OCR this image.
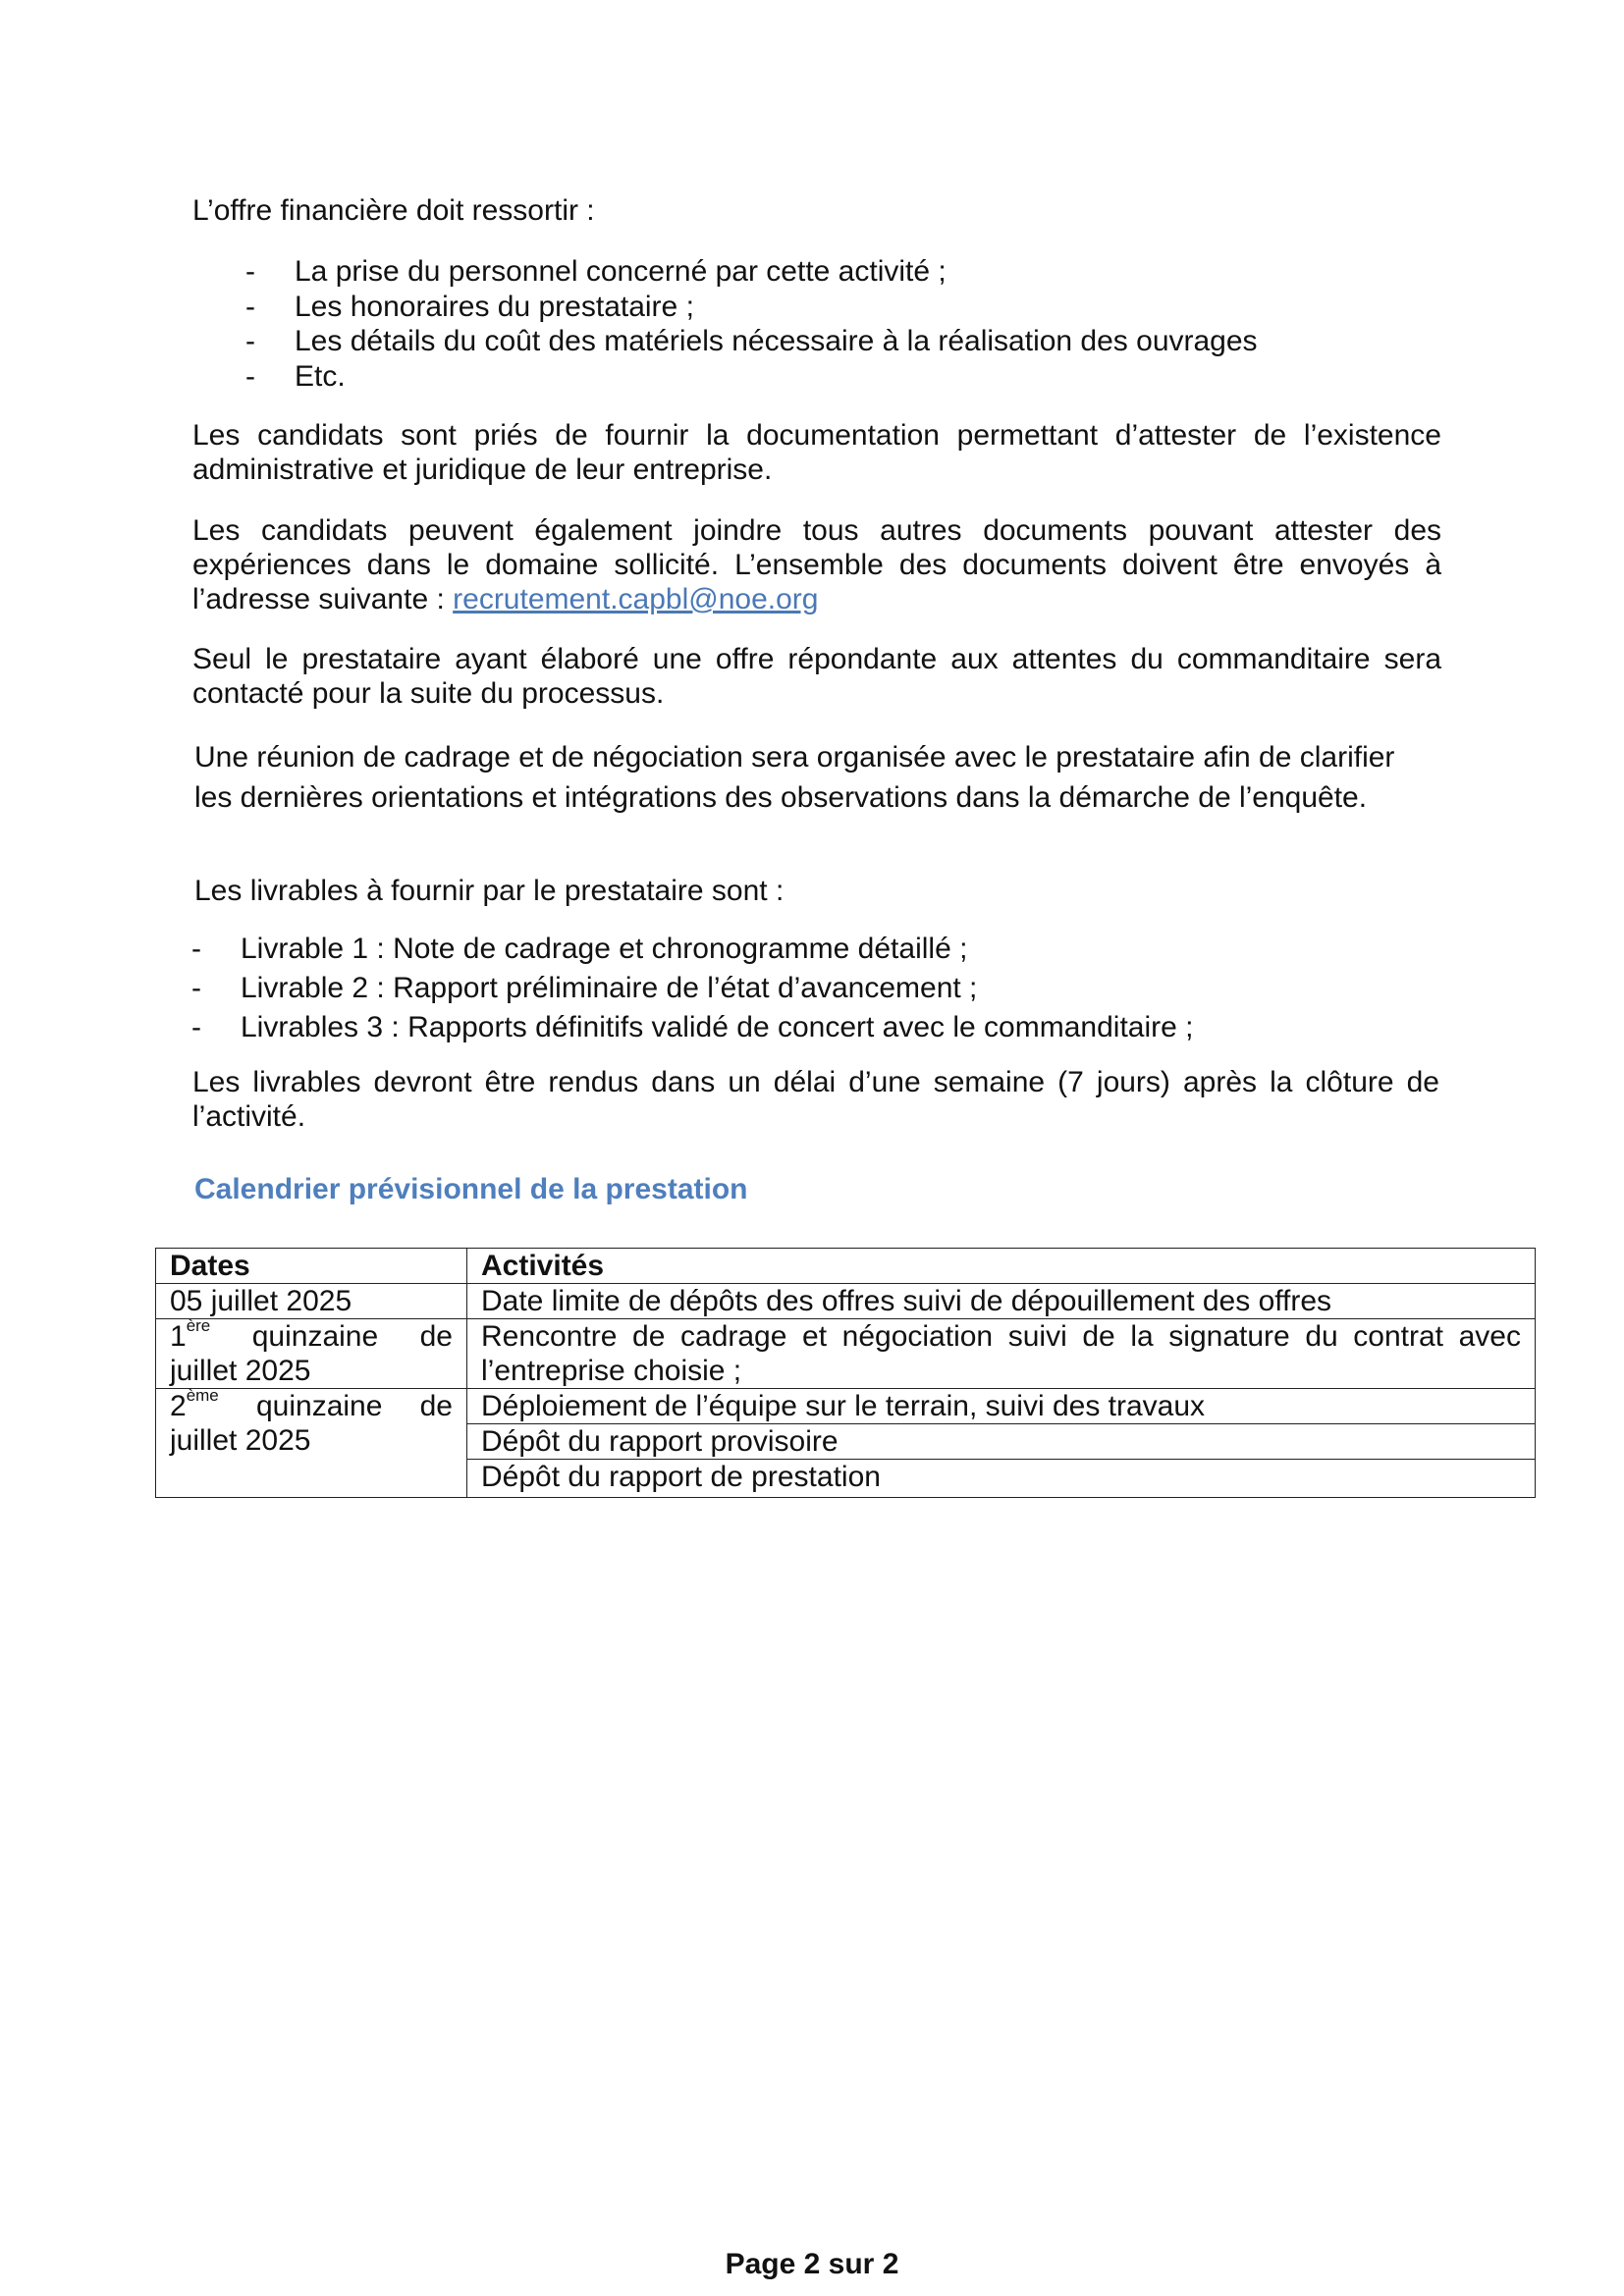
L’offre financière doit ressortir :
- La prise du personnel concerné par cette activité ;
- Les honoraires du prestataire ;
- Les détails du coût des matériels nécessaire à la réalisation des ouvrages
- Etc.
Les candidats sont priés de fournir la documentation permettant d’attester de l’existence administrative et juridique de leur entreprise.
Les candidats peuvent également joindre tous autres documents pouvant attester des expériences dans le domaine sollicité. L’ensemble des documents doivent être envoyés à l’adresse suivante : recrutement.capbl@noe.org
Seul le prestataire ayant élaboré une offre répondante aux attentes du commanditaire sera contacté pour la suite du processus.
Une réunion de cadrage et de négociation sera organisée avec le prestataire afin de clarifier
les dernières orientations et intégrations des observations dans la démarche de l’enquête.
Les livrables à fournir par le prestataire sont :
- Livrable 1 : Note de cadrage et chronogramme détaillé ;
- Livrable 2 : Rapport préliminaire de l’état d’avancement ;
- Livrables 3 : Rapports définitifs validé de concert avec le commanditaire ;
Les livrables devront être rendus dans un délai d’une semaine (7 jours) après la clôture de l’activité.
Calendrier prévisionnel de la prestation
Dates	Activités
05 juillet 2025	Date limite de dépôts des offres suivi de dépouillement des offres

1ère quinzaine de
juillet 2025	Rencontre de cadrage et négociation suivi de la signature du contrat avec l’entreprise choisie ;

2ème quinzaine de
juillet 2025	Déploiement de l’équipe sur le terrain, suivi des travaux
	Dépôt du rapport provisoire
	Dépôt du rapport de prestation
Page 2 sur 2
